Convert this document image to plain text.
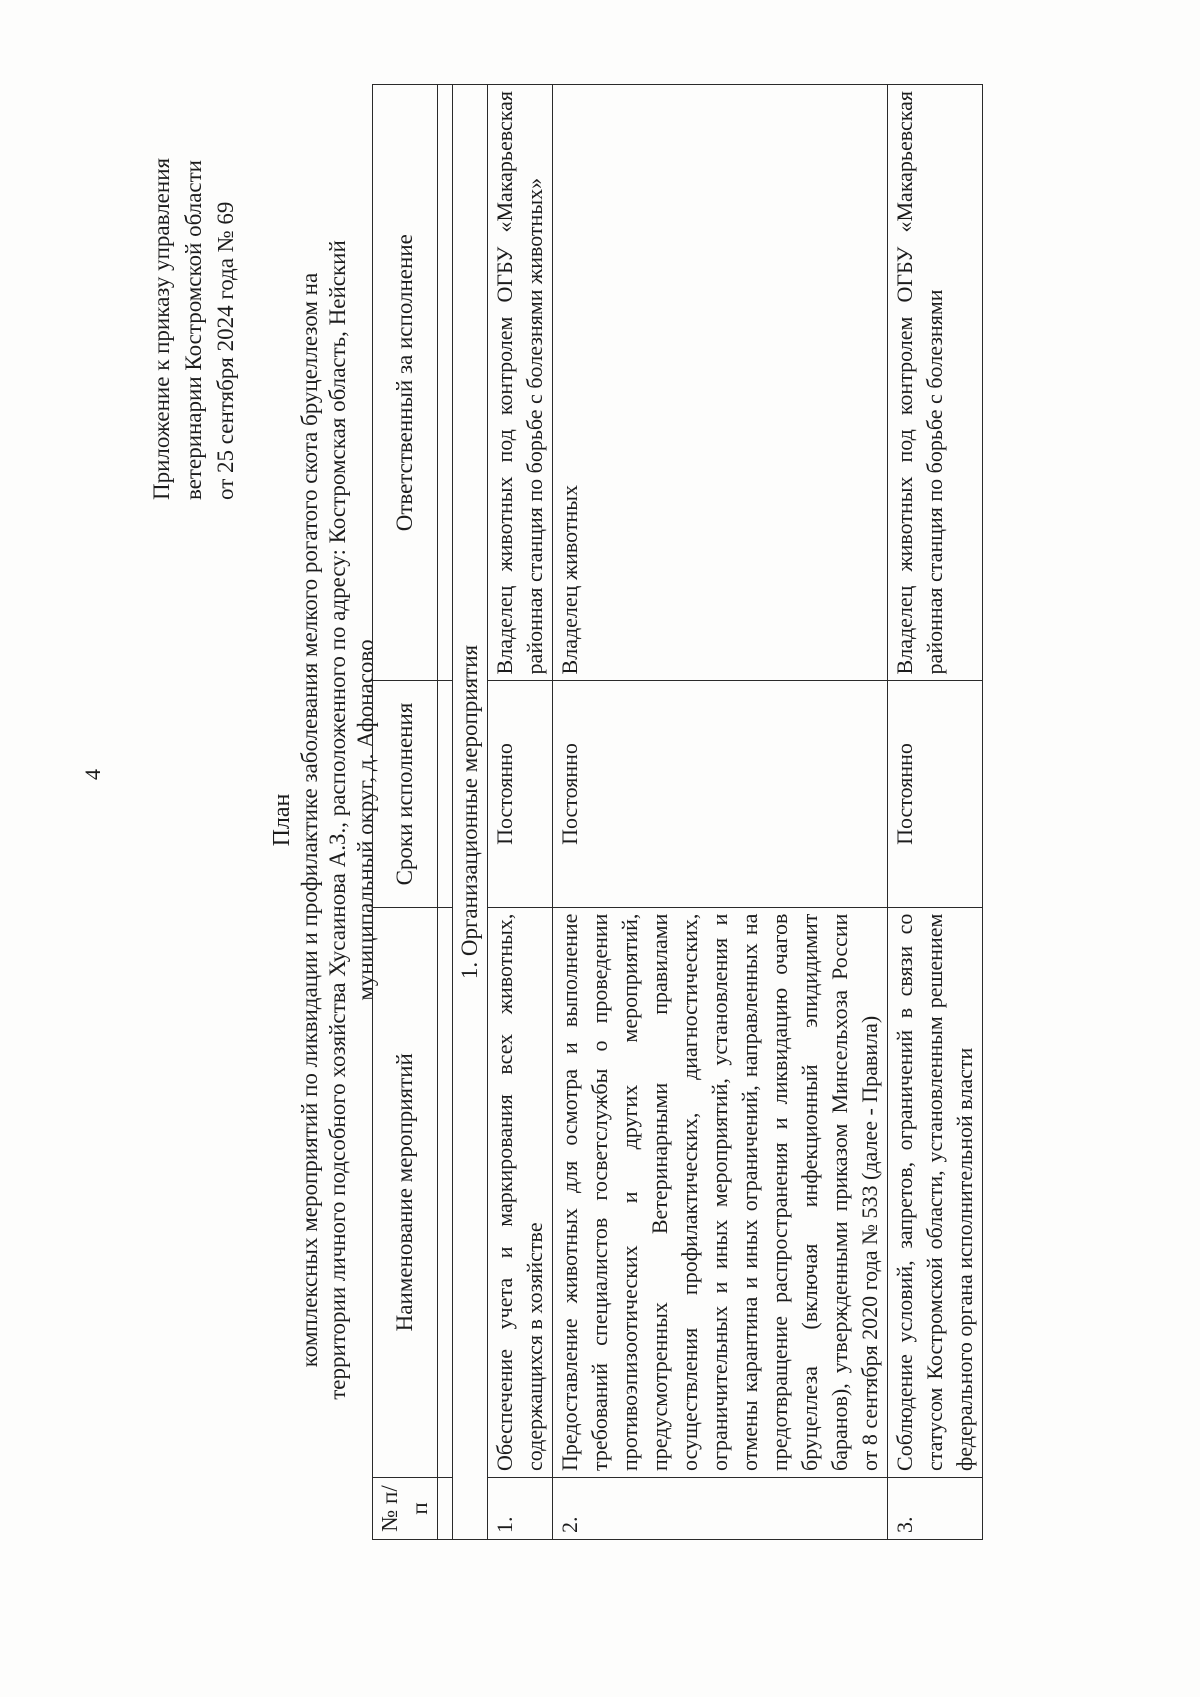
4
Приложение к приказу управления ветеринарии Костромской области от 25 сентября 2024 года № 69
План комплексных мероприятий по ликвидации и профилактике заболевания мелкого рогатого скота бруцеллезом на территории личного подсобного хозяйства Хусаинова А.З., расположенного по адресу: Костромская область, Нейский муниципальный округ, д. Афонасово
№ п/п	Наименование мероприятий	Сроки исполнения	Ответственный за исполнение

1. Организационные мероприятия			
1.	Обеспечение учета и маркирования всех животных, содержащихся в хозяйстве	Постоянно	Владелец животных под контролем ОГБУ «Макарьевская районная станция по борьбе с болезнями животных»
2.	Предоставление животных для осмотра и выполнение требований специалистов госветслужбы о проведении противоэпизоотических и других мероприятий, предусмотренных Ветеринарными правилами осуществления профилактических, диагностических, ограничительных и иных мероприятий, установления и отмены карантина и иных ограничений, направленных на предотвращение распространения и ликвидацию очагов бруцеллеза (включая инфекционный эпидидимит баранов), утвержденными приказом Минсельхоза России от 8 сентября 2020 года № 533 (далее - Правила)	Постоянно	Владелец животных
3.	Соблюдение условий, запретов, ограничений в связи со статусом Костромской области, установленным решением федерального органа исполнительной власти	Постоянно	Владелец животных под контролем ОГБУ «Макарьевская районная станция по борьбе с болезнями
